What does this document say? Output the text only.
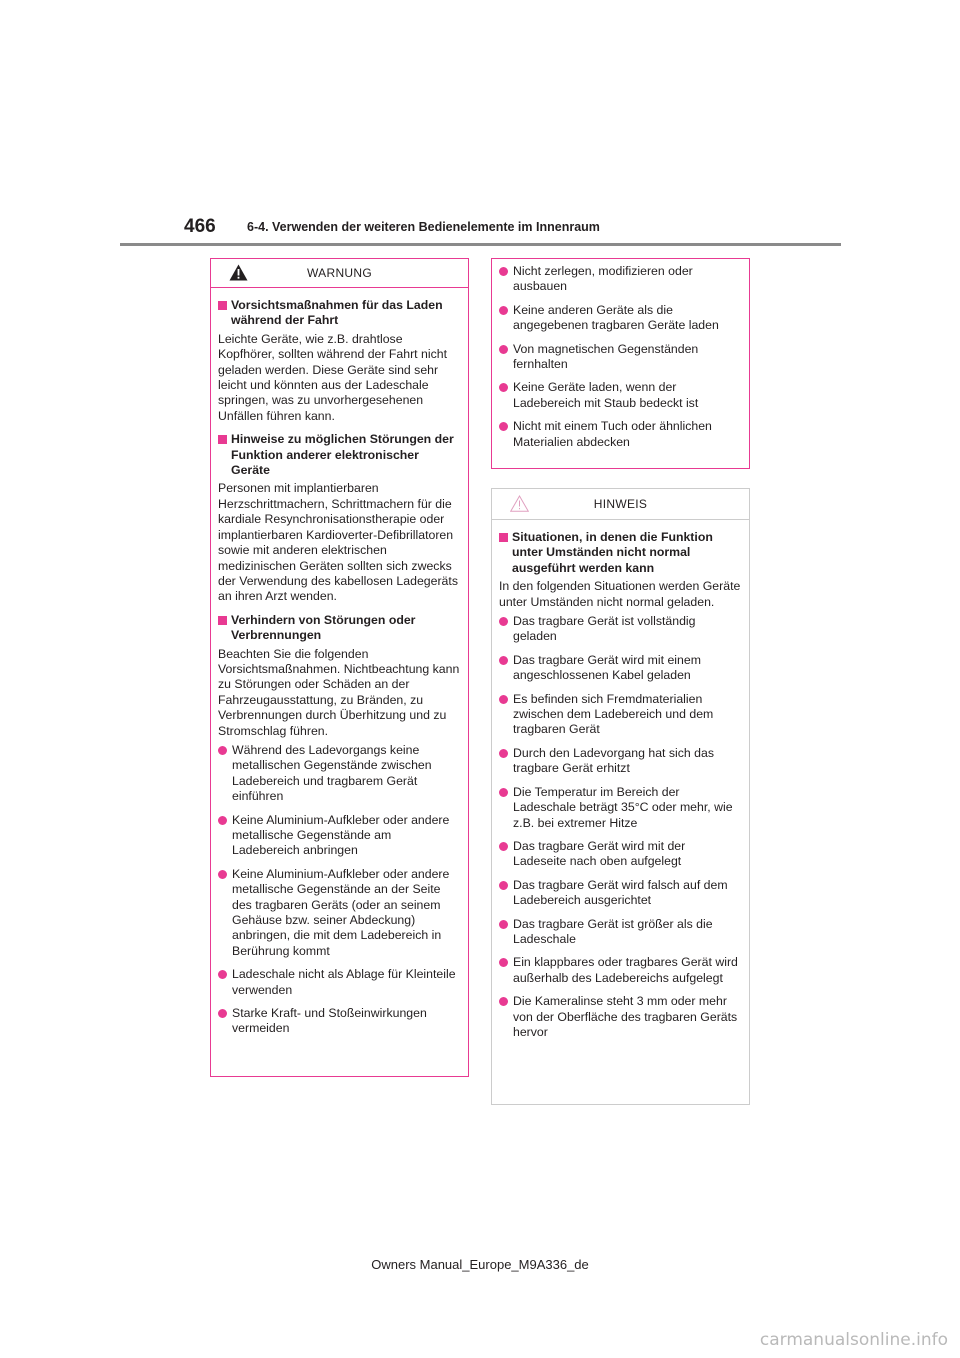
466	6-4. Verwenden der weiteren Bedienelemente im Innenraum
WARNUNG
Vorsichtsmaßnahmen für das Laden während der Fahrt

Leichte Geräte, wie z.B. drahtlose Kopfhörer, sollten während der Fahrt nicht geladen werden. Diese Geräte sind sehr leicht und könnten aus der Ladeschale springen, was zu unvorhergesehenen Unfällen führen kann.

Hinweise zu möglichen Störungen der Funktion anderer elektronischer Geräte

Personen mit implantierbaren Herzschrittmachern, Schrittmachern für die kardiale Resynchronisationstherapie oder implantierbaren Kardioverter-Defibrillatoren sowie mit anderen elektrischen medizinischen Geräten sollten sich zwecks der Verwendung des kabellosen Ladegeräts an ihren Arzt wenden.

Verhindern von Störungen oder Verbrennungen

Beachten Sie die folgenden Vorsichtsmaßnahmen. Nichtbeachtung kann zu Störungen oder Schäden an der Fahrzeugausstattung, zu Bränden, zu Verbrennungen durch Überhitzung und zu Stromschlag führen.

Während des Ladevorgangs keine metallischen Gegenstände zwischen Ladebereich und tragbarem Gerät einführen
Keine Aluminium-Aufkleber oder andere metallische Gegenstände am Ladebereich anbringen
Keine Aluminium-Aufkleber oder andere metallische Gegenstände an der Seite des tragbaren Geräts (oder an seinem Gehäuse bzw. seiner Abdeckung) anbringen, die mit dem Ladebereich in Berührung kommt
Ladeschale nicht als Ablage für Kleinteile verwenden
Starke Kraft- und Stoßeinwirkungen vermeiden
Nicht zerlegen, modifizieren oder ausbauen
Keine anderen Geräte als die angegebenen tragbaren Geräte laden
Von magnetischen Gegenständen fernhalten
Keine Geräte laden, wenn der Ladebereich mit Staub bedeckt ist
Nicht mit einem Tuch oder ähnlichen Materialien abdecken
HINWEIS
Situationen, in denen die Funktion unter Umständen nicht normal ausgeführt werden kann

In den folgenden Situationen werden Geräte unter Umständen nicht normal geladen.

Das tragbare Gerät ist vollständig geladen
Das tragbare Gerät wird mit einem angeschlossenen Kabel geladen
Es befinden sich Fremdmaterialien zwischen dem Ladebereich und dem tragbaren Gerät
Durch den Ladevorgang hat sich das tragbare Gerät erhitzt
Die Temperatur im Bereich der Ladeschale beträgt 35°C oder mehr, wie z.B. bei extremer Hitze
Das tragbare Gerät wird mit der Ladeseite nach oben aufgelegt
Das tragbare Gerät wird falsch auf dem Ladebereich ausgerichtet
Das tragbare Gerät ist größer als die Ladeschale
Ein klappbares oder tragbares Gerät wird außerhalb des Ladebereichs aufgelegt
Die Kameralinse steht 3 mm oder mehr von der Oberfläche des tragbaren Geräts hervor
Owners Manual_Europe_M9A336_de
carmanualsonline.info
